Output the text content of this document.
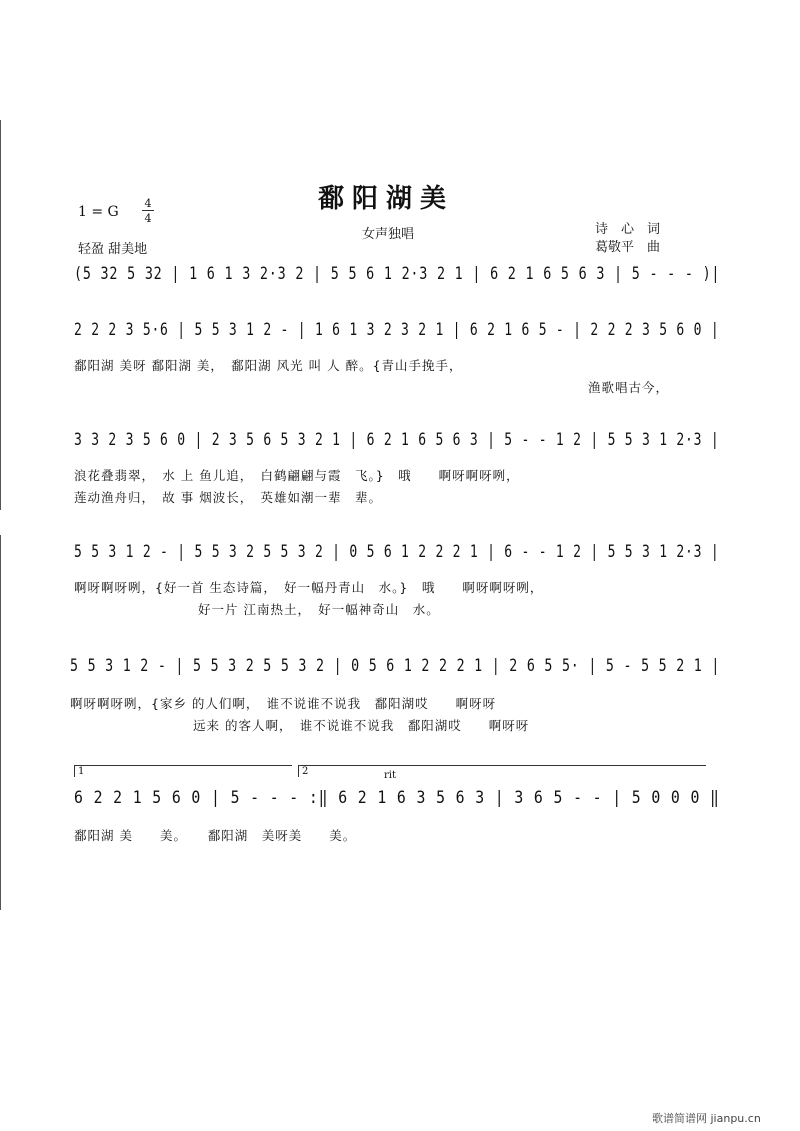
鄱阳湖美
1 = G
4
4
女声独唱	诗　心　词
轻盈 甜美地	葛敬平　曲
(5 32 5 32 | 1 6 1 3 2·3 2 | 5 5 6 1 2·3 2 1 | 6 2 1 6 5 6 3 | 5 - - - )|
2 2 2 3 5·6 | 5 5 3 1 2 - | 1 6 1 3 2 3 2 1 | 6 2 1 6 5 - | 2 2 2 3 5 6 0 |
鄱阳湖 美呀 鄱阳湖 美，　鄱阳湖 风光 叫 人 醉。{青山手挽手，
渔歌唱古今，
3 3 2 3 5 6 0 | 2 3 5 6 5 3 2 1 | 6 2 1 6 5 6 3 | 5 - - 1 2 | 5 5 3 1 2·3 |
浪花叠翡翠，　水 上 鱼儿追，　白鹤翩翩与霞　飞。}　哦　　啊呀啊呀咧，
莲动渔舟归，　故 事 烟波长，　英雄如潮一辈　辈。
5 5 3 1 2 - | 5 5 3 2 5 5 3 2 | 0 5 6 1 2 2 2 1 | 6 - - 1 2 | 5 5 3 1 2·3 |
啊呀啊呀咧，{好一首 生态诗篇，　好一幅丹青山　水。}　哦　　啊呀啊呀咧，
好一片 江南热土，　好一幅神奇山　水。
5 5 3 1 2 - | 5 5 3 2 5 5 3 2 | 0 5 6 1 2 2 2 1 | 2 6 5 5· | 5 - 5 5 2 1 |
啊呀啊呀咧，{家乡 的人们啊，　谁不说谁不说我　鄱阳湖哎　　啊呀呀
远来 的客人啊，　谁不说谁不说我　鄱阳湖哎　　啊呀呀
1	2	rit
6 2 2 1 5 6 0 | 5 - - - :‖ 6 2 1 6 3 5 6 3 | 3 6 5 - - | 5 0 0 0 ‖
鄱阳湖 美　　美。　　鄱阳湖　美呀美　　美。
歌谱简谱网 jianpu.cn
